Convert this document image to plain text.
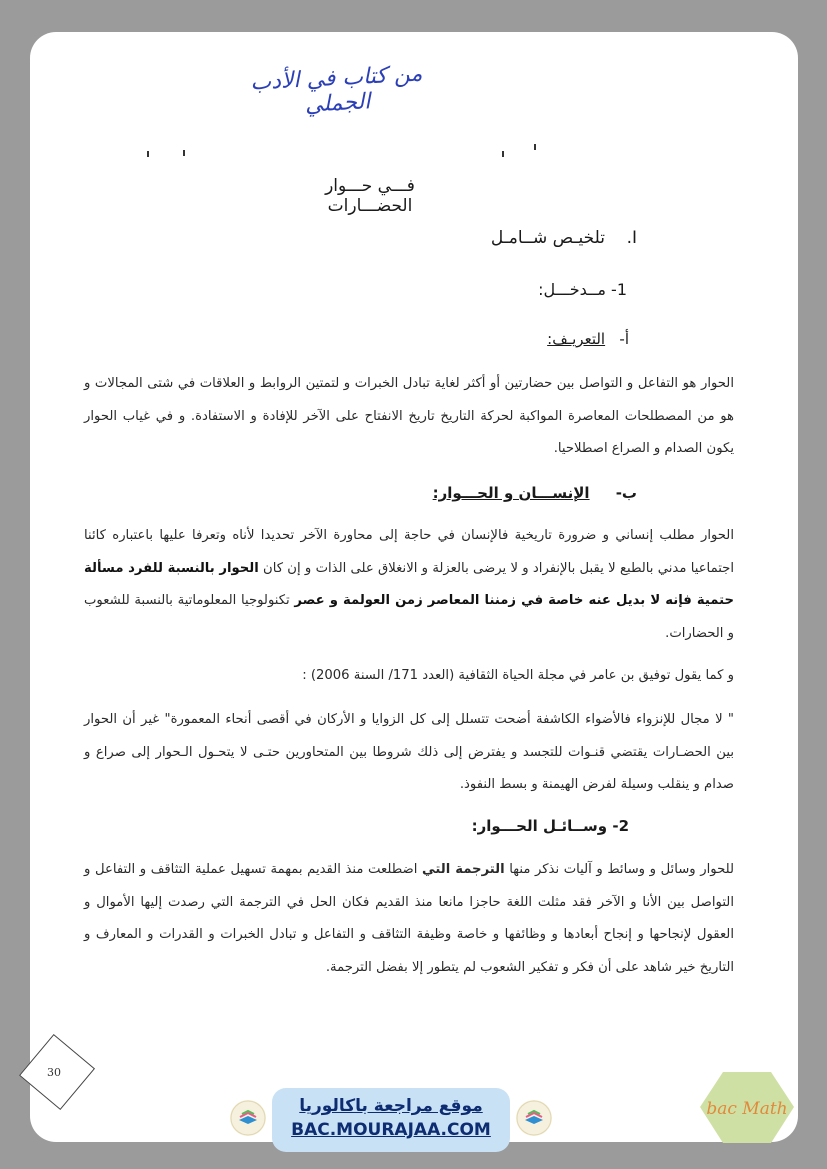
من كتاب في الأدب الجملي
فـــي حـــوار الحضـــارات
I.    تلخيـص شــامـل
1- مــدخـــل:
أ-   التعريـف:
الحوار هو التفاعل و التواصل بين حضارتين أو أكثر لغاية تبادل الخبرات و لتمتين الروابط و العلاقات في شتى المجالات و هو من المصطلحات المعاصرة المواكبة لحركة التاريخ تاريخ الانفتاح على الآخر للإفادة و الاستفادة. و في غياب الحوار يكون الصدام و الصراع اصطلاحيا.
ب-     الإنســـان و الحـــوار:
الحوار مطلب إنساني و ضرورة تاريخية فالإنسان في حاجة إلى محاورة الآخر تحديدا لأناه وتعرفا عليها باعتباره كائنا اجتماعيا مدني بالطبع لا يقبل بالإنفراد و لا يرضى بالعزلة و الانغلاق على الذات و إن كان الحوار بالنسبة للفرد مسألة حتمية فإنه لا بديل عنه خاصة في زمننا المعاصر زمن العولمة و عصر تكنولوجيا المعلوماتية بالنسبة للشعوب و الحضارات.
و كما يقول توفيق بن عامر في مجلة الحياة الثقافية (العدد 171/ السنة 2006) :
" لا مجال للإنزواء فالأضواء الكاشفة أضحت تتسلل إلى كل الزوايا و الأركان في أقصى أنحاء المعمورة" غير أن الحوار بين الحضـارات يقتضي قنـوات للتجسد و يفترض إلى ذلك شروطا بين المتحاورين حتـى لا يتحـول الـحوار إلى صراع و صدام و ينقلب وسيلة لفرض الهيمنة و بسط النفوذ.
2- وســائـل الحـــوار:
للحوار وسائل و وسائط و آليات نذكر منها الترجمة التي اضطلعت منذ القديم بمهمة تسهيل عملية التثاقف و التفاعل و التواصل بين الأنا و الآخر فقد مثلت اللغة حاجزا مانعا منذ القديم فكان الحل في الترجمة التي رصدت إليها الأموال و العقول لإنجاحها و إنجاح أبعادها و وظائفها و خاصة وظيفة التثاقف و التفاعل و تبادل الخبرات و القدرات و المعارف و التاريخ خير شاهد على أن فكر و تفكير الشعوب لم يتطور إلا بفضل الترجمة.
30
موقع مراجعة باكالوريا
BAC.MOURAJAA.COM
bac Math
